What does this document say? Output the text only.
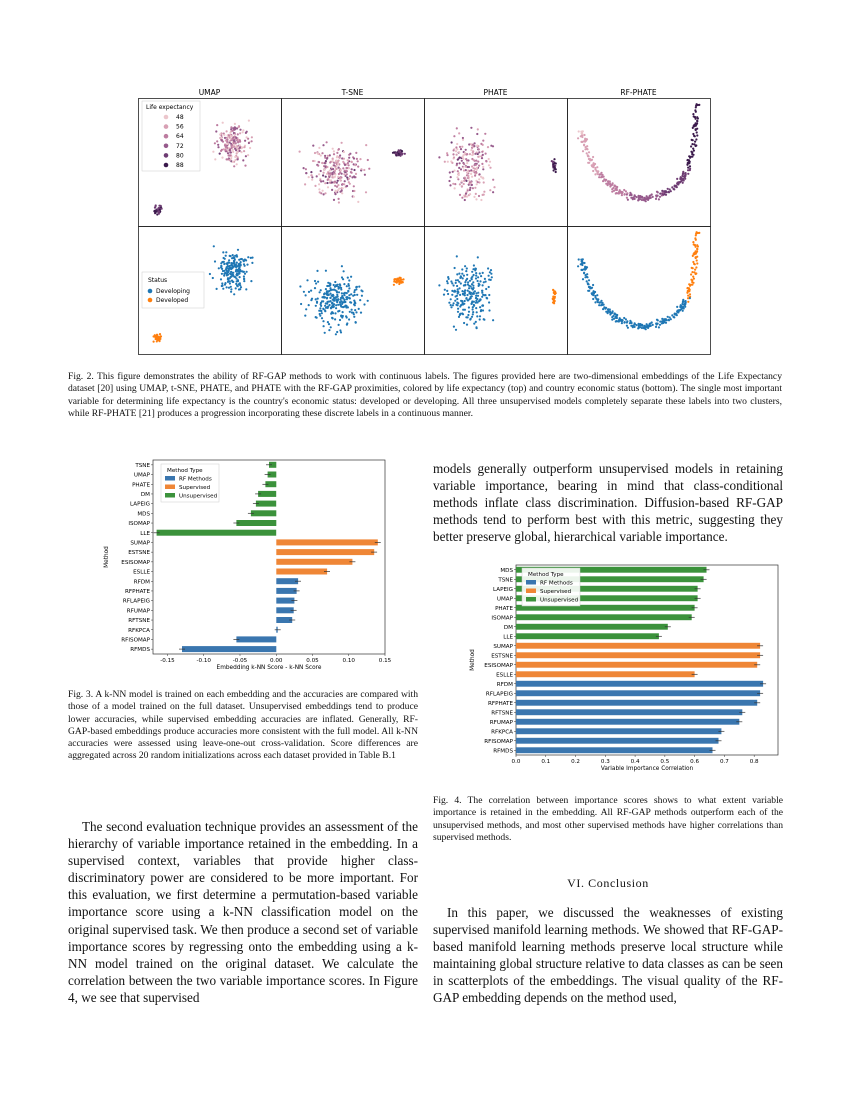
UMAP	T-SNE	PHATE	RF-PHATE
Life expectancy
48
56
64
72
80
88
Status
Developing
Developed
Fig. 2. This figure demonstrates the ability of RF-GAP methods to work with continuous labels. The figures provided here are two-dimensional embeddings of the Life Expectancy dataset [20] using UMAP, t-SNE, PHATE, and PHATE with the RF-GAP proximities, colored by life expectancy (top) and country economic status (bottom). The single most important variable for determining life expectancy is the country's economic status: developed or developing. All three unsupervised models completely separate these labels into two clusters, while RF-PHATE [21] produces a progression incorporating these discrete labels in a continuous manner.
TSNE
UMAP
PHATE
DM
LAPEIG
MDS
ISOMAP
LLE
SUMAP
ESTSNE
ESISOMAP
ESLLE
RFDM
RFPHATE
RFLAPEIG
RFUMAP
RFTSNE
RFKPCA
RFISOMAP
RFMDS
-0.15	-0.10	-0.05	0.00	0.05	0.10	0.15
Embedding k-NN Score - k-NN Score
Method
Method Type
RF Methods
Supervised
Unsupervised
Fig. 3. A k-NN model is trained on each embedding and the accuracies are compared with those of a model trained on the full dataset. Unsupervised embeddings tend to produce lower accuracies, while supervised embedding accuracies are inflated. Generally, RF-GAP-based embeddings produce accuracies more consistent with the full model. All k-NN accuracies were assessed using leave-one-out cross-validation. Score differences are aggregated across 20 random initializations across each dataset provided in Table B.1
models generally outperform unsupervised models in retaining variable importance, bearing in mind that class-conditional methods inflate class discrimination. Diffusion-based RF-GAP methods tend to perform best with this metric, suggesting they better preserve global, hierarchical variable importance.
MDS
TSNE
LAPEIG
UMAP
PHATE
ISOMAP
DM
LLE
SUMAP
ESTSNE
ESISOMAP
ESLLE
RFDM
RFLAPEIG
RFPHATE
RFTSNE
RFUMAP
RFKPCA
RFISOMAP
RFMDS
0.0	0.1	0.2	0.3	0.4	0.5	0.6	0.7	0.8
Variable Importance Correlation
Method
Method Type
RF Methods
Supervised
Unsupervised
Fig. 4. The correlation between importance scores shows to what extent variable importance is retained in the embedding. All RF-GAP methods outperform each of the unsupervised methods, and most other supervised methods have higher correlations than supervised methods.
The second evaluation technique provides an assessment of the hierarchy of variable importance retained in the embedding. In a supervised context, variables that provide higher class-discriminatory power are considered to be more important. For this evaluation, we first determine a permutation-based variable importance score using a k-NN classification model on the original supervised task. We then produce a second set of variable importance scores by regressing onto the embedding using a k-NN model trained on the original dataset. We calculate the correlation between the two variable importance scores. In Figure 4, we see that supervised
VI. Conclusion
In this paper, we discussed the weaknesses of existing supervised manifold learning methods. We showed that RF-GAP-based manifold learning methods preserve local structure while maintaining global structure relative to data classes as can be seen in scatterplots of the embeddings. The visual quality of the RF-GAP embedding depends on the method used,
